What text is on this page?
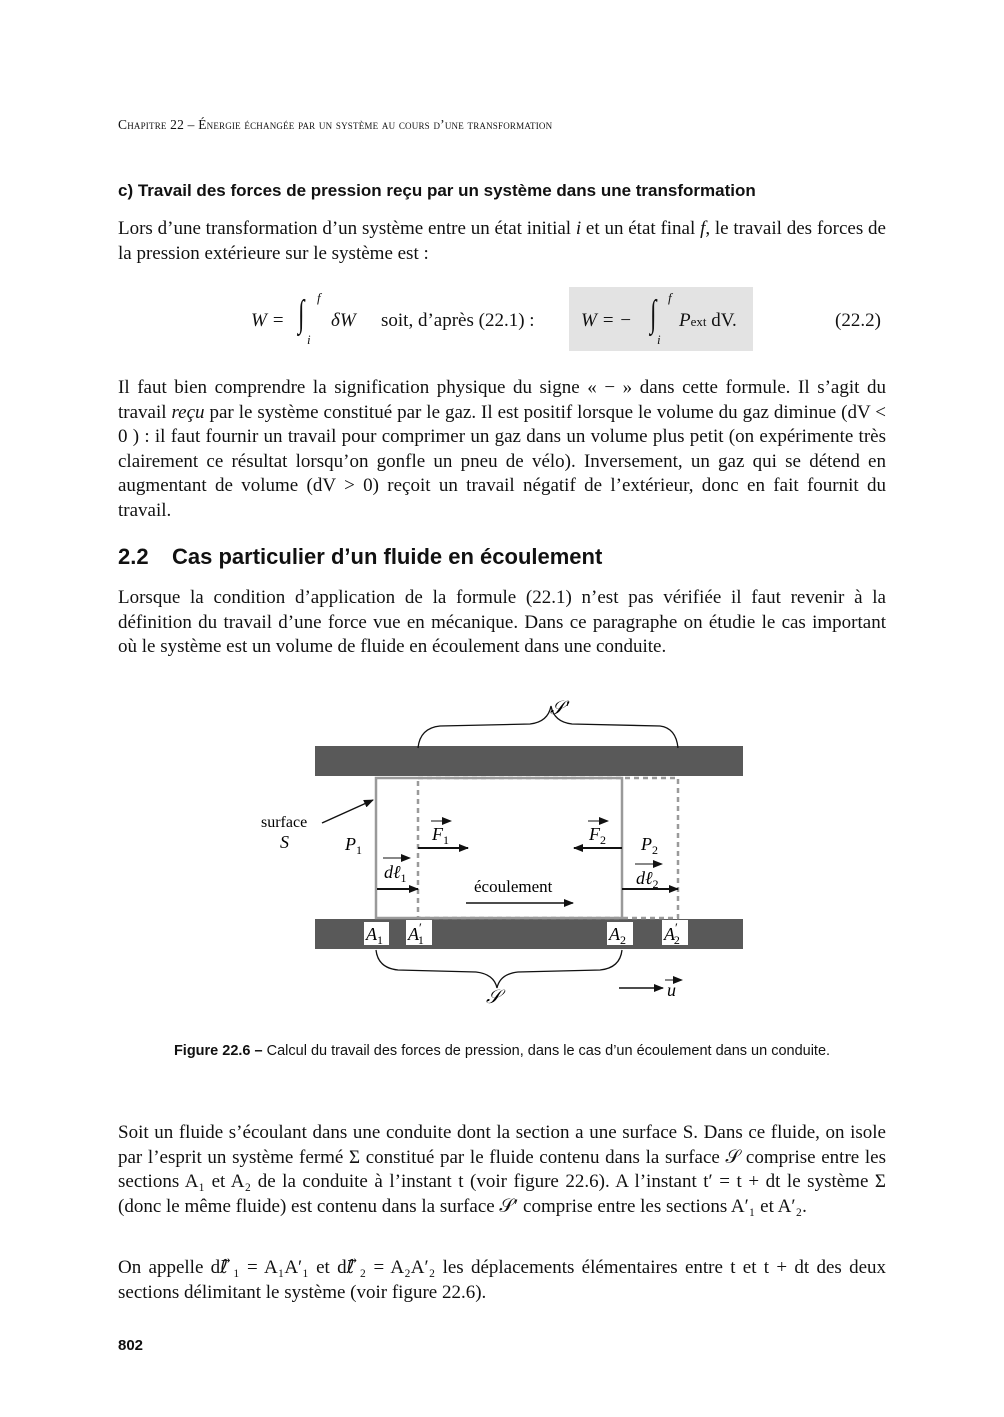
Chapitre 22 – Énergie échangée par un système au cours d’une transformation
c) Travail des forces de pression reçu par un système dans une transformation

Lors d’une transformation d’un système entre un état initial i et un état final f, le travail des forces de la pression extérieure sur le système est :

W = ∫ f
i
δW soit, d’après (22.1) : W = − ∫ f
i
Pext dV.	(22.2)

Il faut bien comprendre la signification physique du signe « − » dans cette formule. Il s’agit du travail reçu par le système constitué par le gaz. Il est positif lorsque le volume du gaz diminue (dV < 0 ) : il faut fournir un travail pour comprimer un gaz dans un volume plus petit (on expérimente très clairement ce résultat lorsqu’on gonfle un pneu de vélo). Inversement, un gaz qui se détend en augmentant de volume (dV > 0) reçoit un travail négatif de l’extérieur, donc en fait fournit du travail.

2.2 Cas particulier d’un fluide en écoulement
Lorsque la condition d’application de la formule (22.1) n’est pas vérifiée il faut revenir à la définition du travail d’une force vue en mécanique. Dans ce paragraphe on étudie le cas important où le système est un volume de fluide en écoulement dans une conduite.
surface
S	$P_1$	$P_2$
$F_1$	$F_2$
dℓ$_1$	dℓ$_2$
écoulement
$A_1$ A′ 1	$A_2$ A′ 2
𝒮′
𝒮	u
Figure 22.6 – Calcul du travail des forces de pression, dans le cas d’un écoulement dans un conduite.
Soit un fluide s’écoulant dans une conduite dont la section a une surface S. Dans ce fluide, on isole par l’esprit un système fermé Σ constitué par le fluide contenu dans la surface 𝒮 comprise entre les sections A₁ et A₂ de la conduite à l’instant t (voir figure 22.6). A l’instant t′ = t + dt le système Σ (donc le même fluide) est contenu dans la surface 𝒮′ comprise entre les sections A′₁ et A′₂.
On appelle dℓ⃗₁ = A₁A′₁ et dℓ⃗₂ = A₂A′₂ les déplacements élémentaires entre t et t + dt des deux sections délimitant le système (voir figure 22.6).
802
